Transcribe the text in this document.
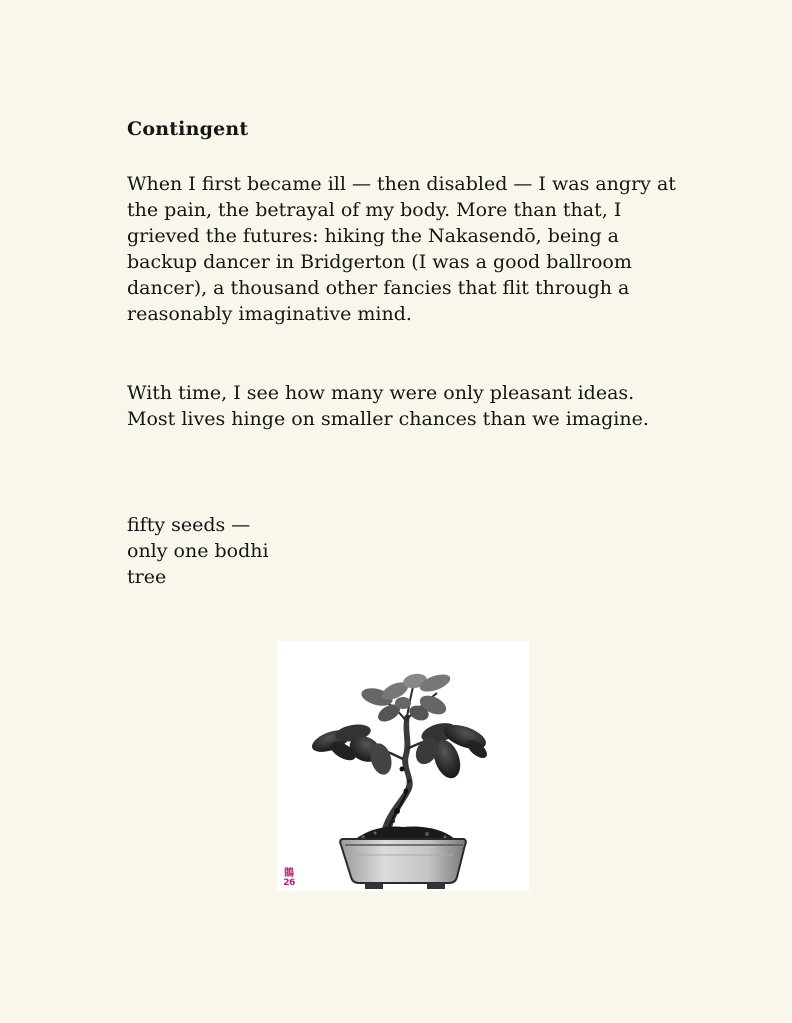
Contingent

When I first became ill — then disabled — I was angry at the pain, the betrayal of my body. More than that, I grieved the futures: hiking the Nakasendō, being a backup dancer in Bridgerton (I was a good ballroom dancer), a thousand other fancies that flit through a reasonably imaginative mind.

With time, I see how many were only pleasant ideas. Most lives hinge on smaller chances than we imagine.

fifty seeds —
only one bodhi
tree
鵲
26
